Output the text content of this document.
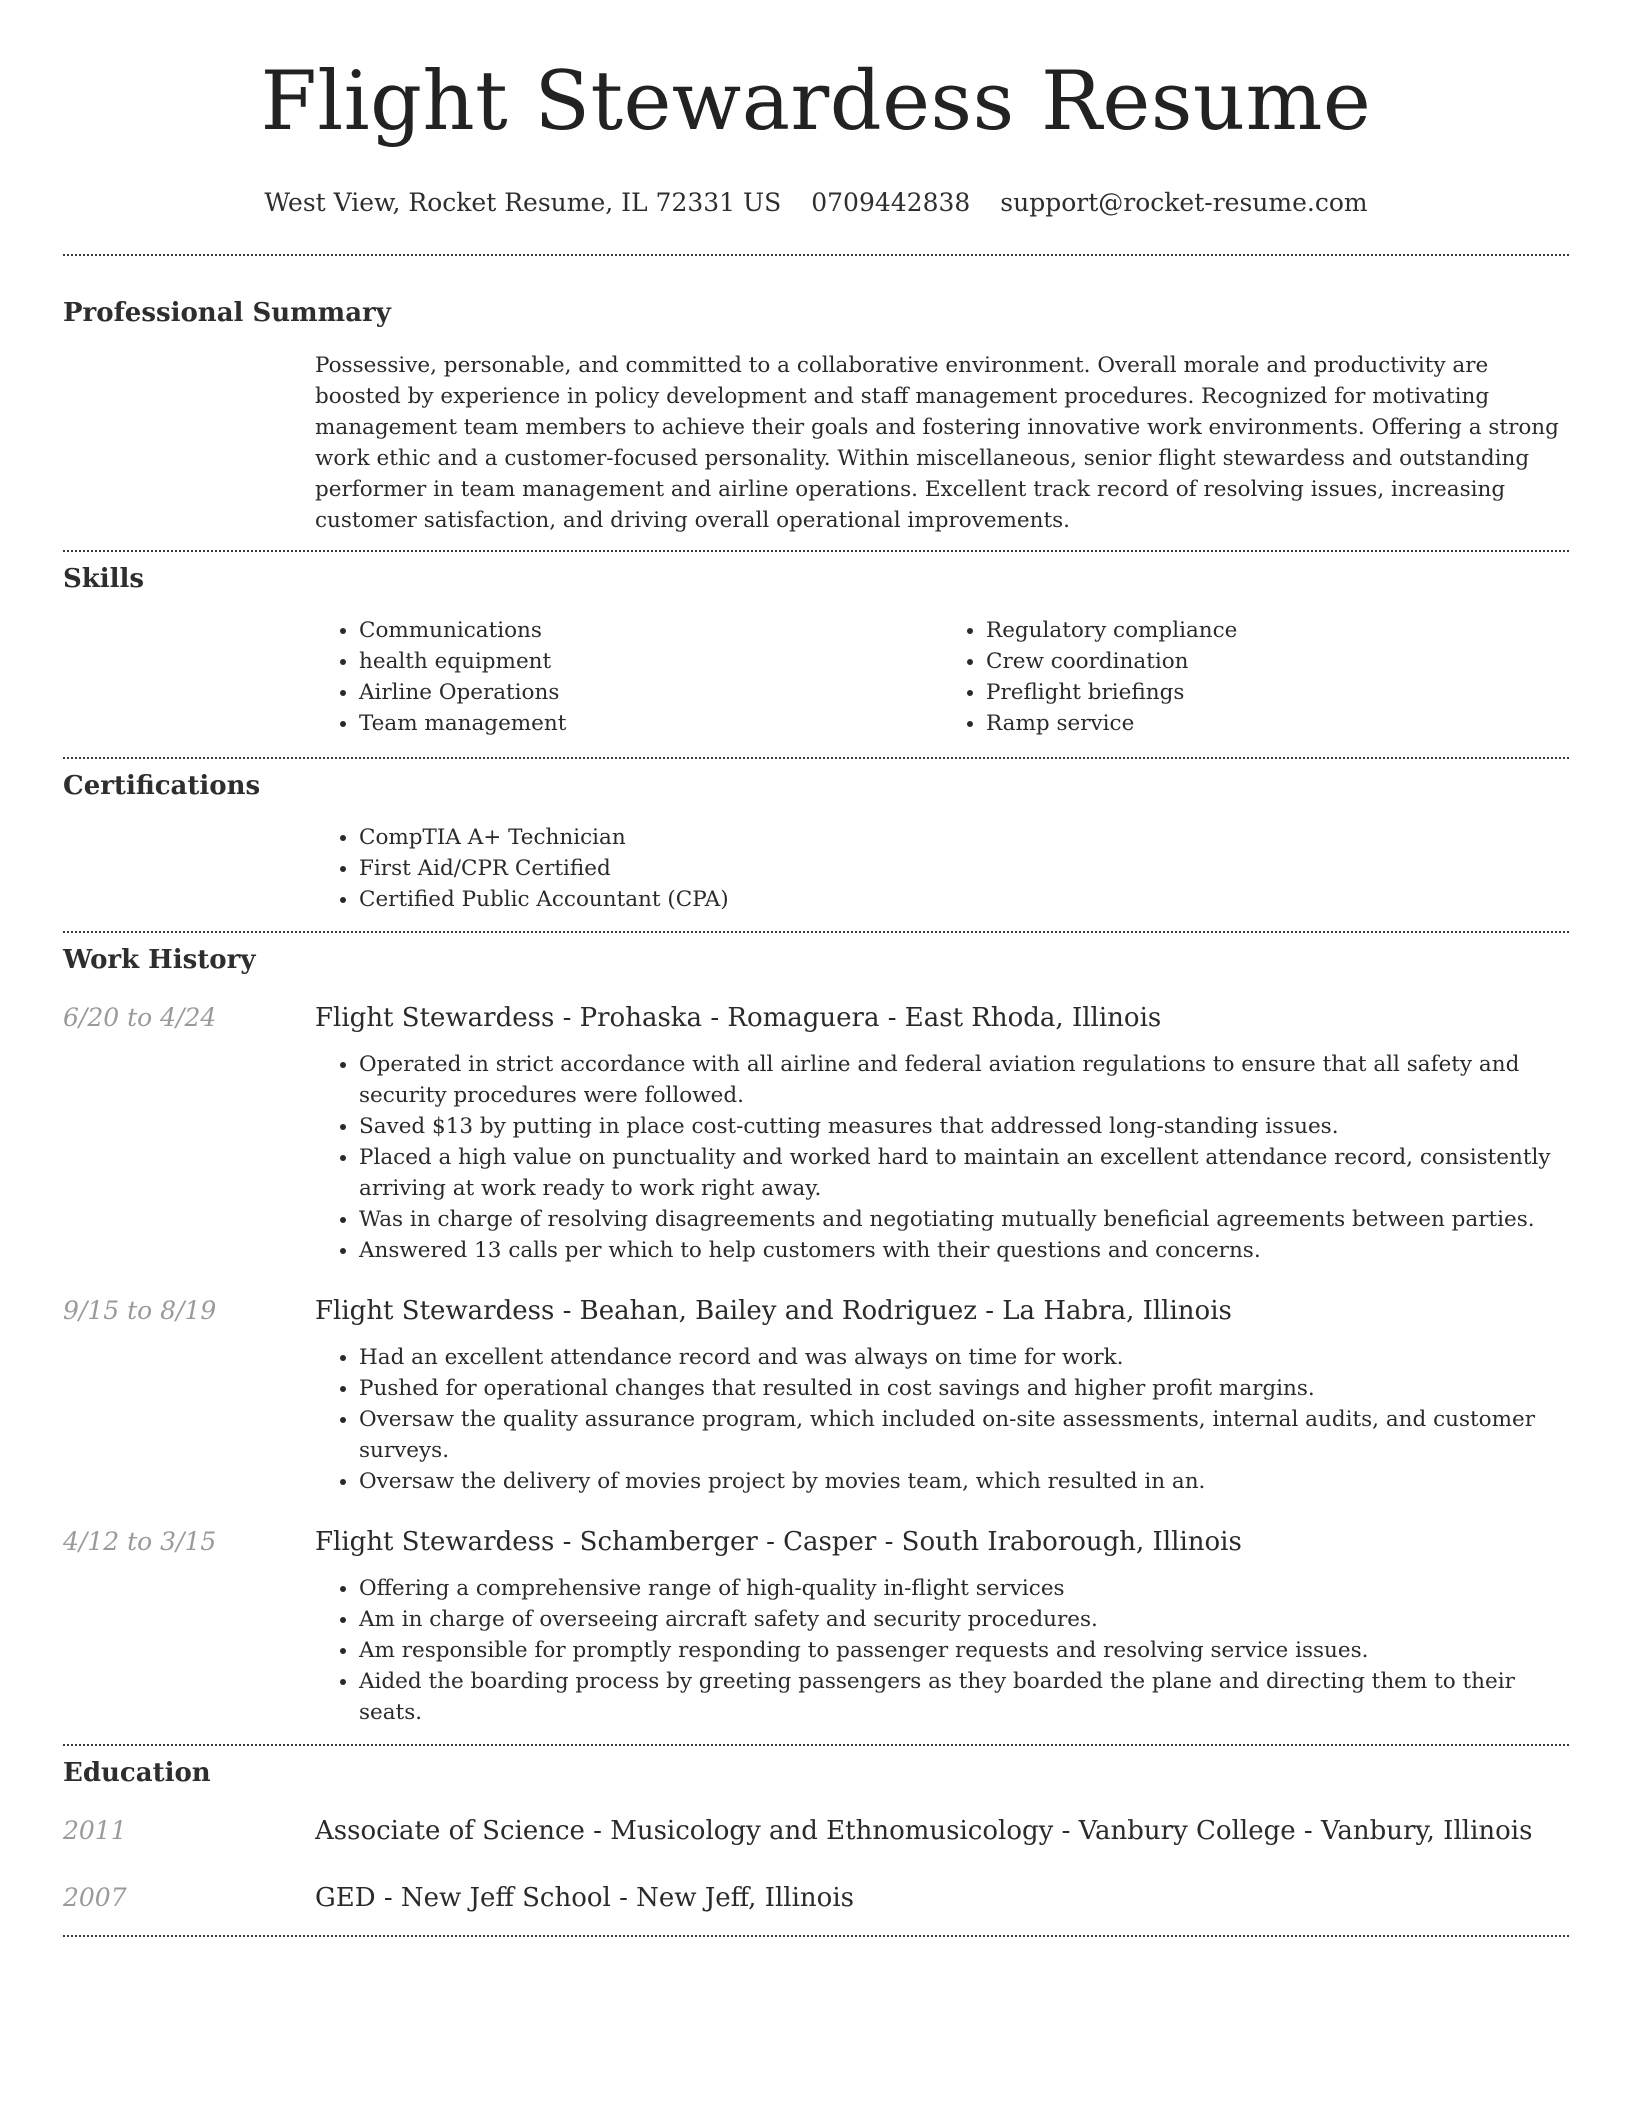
Flight Stewardess Resume
West View, Rocket Resume, IL 72331 US 0709442838 support@rocket-resume.com
Professional Summary

Possessive, personable, and committed to a collaborative environment. Overall morale and productivity are boosted by experience in policy development and staff management procedures. Recognized for motivating management team members to achieve their goals and fostering innovative work environments. Offering a strong work ethic and a customer-focused personality. Within miscellaneous, senior flight stewardess and outstanding performer in team management and airline operations. Excellent track record of resolving issues, increasing customer satisfaction, and driving overall operational improvements.

Skills
• Communications
• health equipment
• Airline Operations
• Team management
• Regulatory compliance
• Crew coordination
• Preflight briefings
• Ramp service
Certifications
• CompTIA A+ Technician
• First Aid/CPR Certified
• Certified Public Accountant (CPA)
Work History
6/20 to 4/24	Flight Stewardess - Prohaska - Romaguera - East Rhoda, Illinois
• Operated in strict accordance with all airline and federal aviation regulations to ensure that all safety and security procedures were followed.
• Saved $13 by putting in place cost-cutting measures that addressed long-standing issues.
• Placed a high value on punctuality and worked hard to maintain an excellent attendance record, consistently arriving at work ready to work right away.
• Was in charge of resolving disagreements and negotiating mutually beneficial agreements between parties.
• Answered 13 calls per which to help customers with their questions and concerns.
9/15 to 8/19	Flight Stewardess - Beahan, Bailey and Rodriguez - La Habra, Illinois
• Had an excellent attendance record and was always on time for work.
• Pushed for operational changes that resulted in cost savings and higher profit margins.
• Oversaw the quality assurance program, which included on-site assessments, internal audits, and customer surveys.
• Oversaw the delivery of movies project by movies team, which resulted in an.
4/12 to 3/15	Flight Stewardess - Schamberger - Casper - South Iraborough, Illinois
• Offering a comprehensive range of high-quality in-flight services
• Am in charge of overseeing aircraft safety and security procedures.
• Am responsible for promptly responding to passenger requests and resolving service issues.
• Aided the boarding process by greeting passengers as they boarded the plane and directing them to their seats.
Education
2011	Associate of Science - Musicology and Ethnomusicology - Vanbury College - Vanbury, Illinois
2007	GED - New Jeff School - New Jeff, Illinois
